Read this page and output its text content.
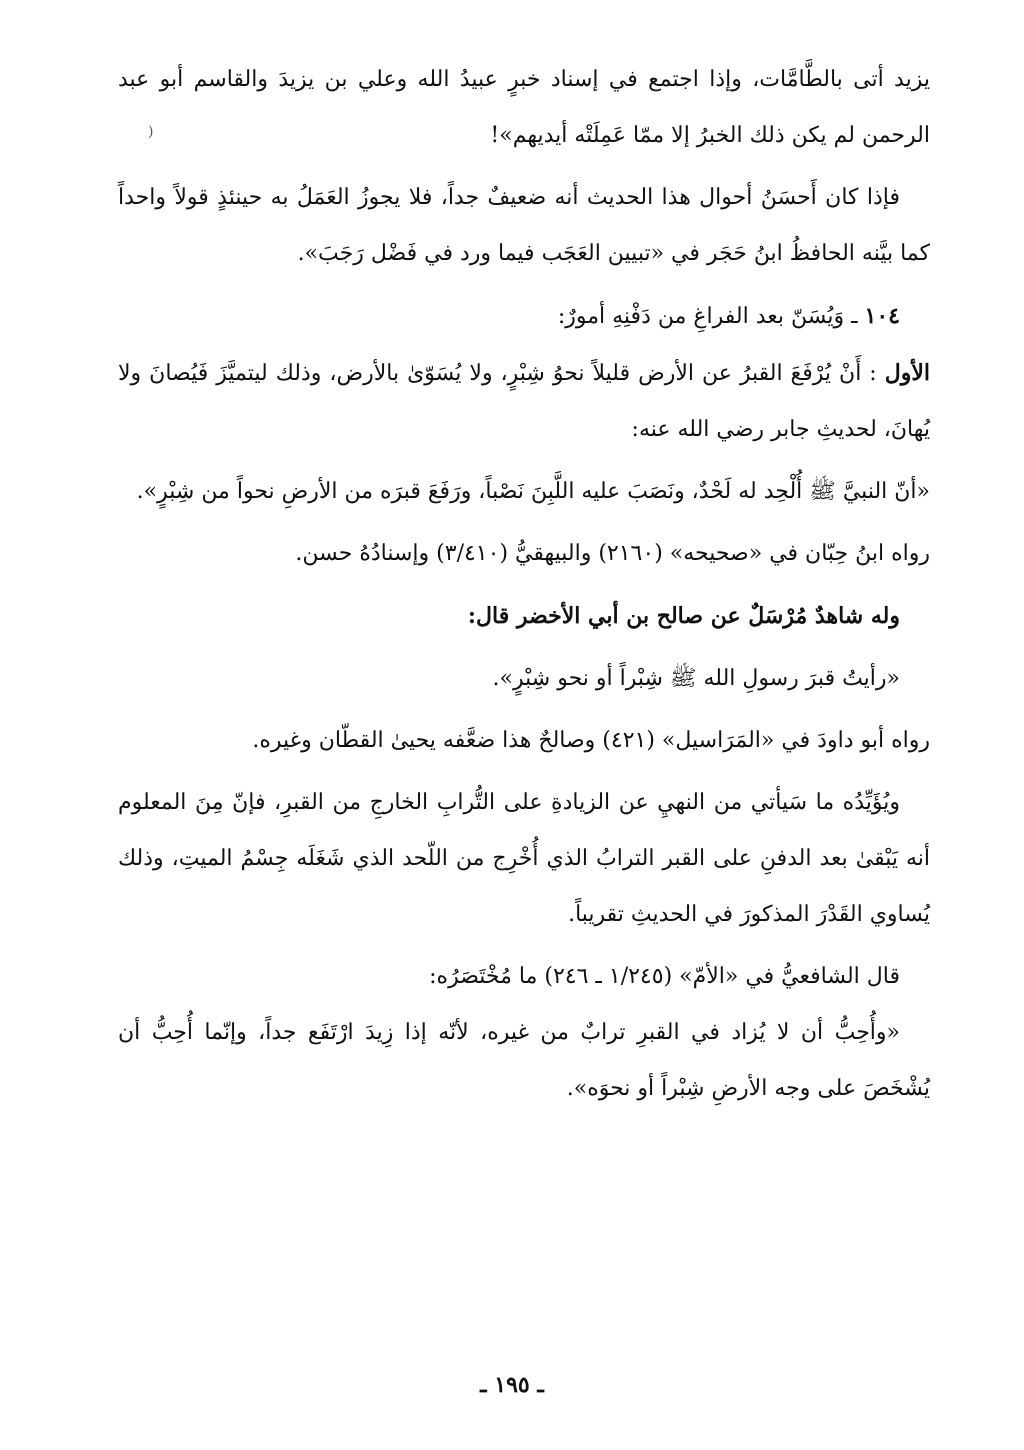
يزيد أتى بالطَّامَّات، وإذا اجتمع في إسناد خبرٍ عبيدُ الله وعلي بن يزيدَ والقاسم أبو عبد الرحمن لم يكن ذلك الخبرُ إلا ممّا عَمِلَتْه أيديهم»!

فإذا كان أَحسَنُ أحوال هذا الحديث أنه ضعيفٌ جداً، فلا يجوزُ العَمَلُ به حينئذٍ قولاً واحداً كما بيَّنه الحافظُ ابنُ حَجَر في «تبيين العَجَب فيما ورد في فَضْل رَجَبَ».

١٠٤ ـ وَيُسَنّ بعد الفراغِ من دَفْنِهِ أمورٌ:

الأول : أَنْ يُرْفَعَ القبرُ عن الأرض قليلاً نحوُ شِبْرٍ، ولا يُسَوّىٰ بالأرض، وذلك ليتميَّزَ فَيُصانَ ولا يُهانَ، لحديثِ جابر رضي الله عنه:

«أنّ النبيَّ ﷺ أُلْحِد له لَحْدٌ، ونَصَبَ عليه اللَّبِنَ نَصْباً، ورَفَعَ قبرَه من الأرضِ نحواً من شِبْرٍ».

رواه ابنُ حِبّان في «صحيحه» (٢١٦٠) والبيهقيُّ (٣/٤١٠) وإسنادُهُ حسن.

وله شاهدٌ مُرْسَلٌ عن صالح بن أبي الأخضر قال:

«رأيتُ قبرَ رسولِ الله ﷺ شِبْراً أو نحو شِبْرٍ».

رواه أبو داودَ في «المَرَاسيل» (٤٢١) وصالحٌ هذا ضعَّفه يحيىٰ القطّان وغيره.

ويُؤَيِّدُه ما سَيأتي من النهيِ عن الزيادةِ على التُّرابِ الخارجِ من القبرِ، فإنّ مِنَ المعلوم أنه يَبْقىٰ بعد الدفنِ على القبر الترابُ الذي أُخْرِج من اللّحد الذي شَغَلَه جِسْمُ الميتِ، وذلك يُساوي القَدْرَ المذكورَ في الحديثِ تقريباً.

قال الشافعيُّ في «الأمّ» (١/٢٤٥ ـ ٢٤٦) ما مُخْتَصَرُه:

«وأُحِبُّ أن لا يُزاد في القبرِ ترابٌ من غيره، لأنّه إذا زِيدَ ارْتَفَع جداً، وإنّما أُحِبُّ أن يُشْخَصَ على وجه الأرضِ شِبْراً أو نحوَه».

(
ـ ١٩٥ ـ
